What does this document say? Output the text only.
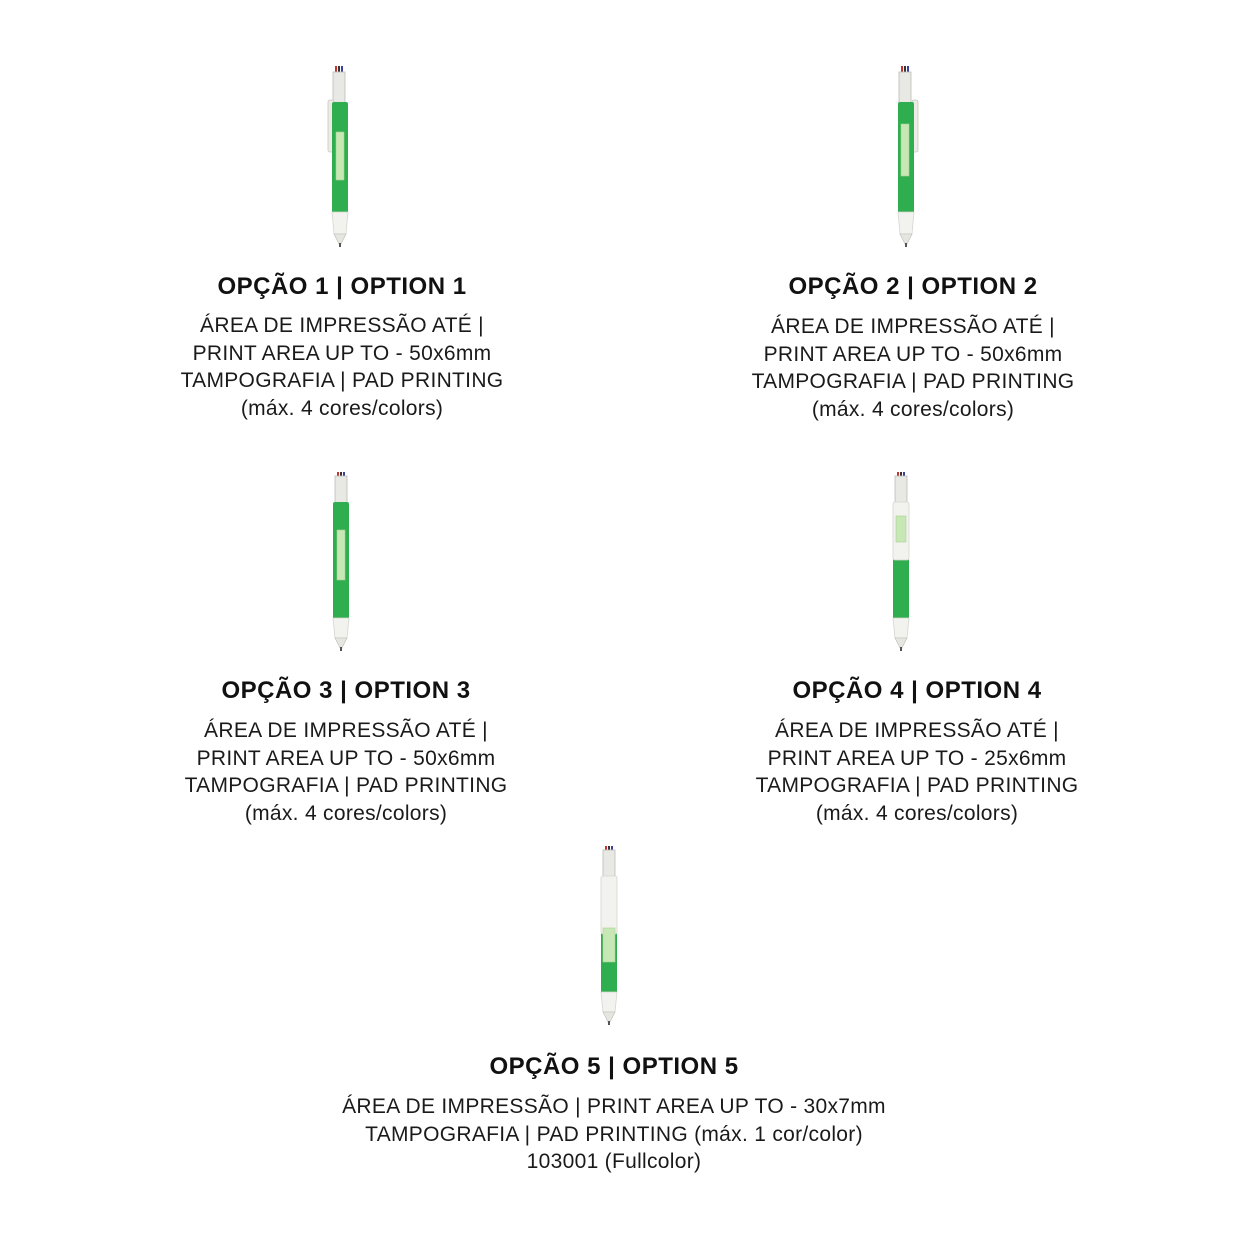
OPÇÃO 1 | OPTION 1
ÁREA DE IMPRESSÃO ATÉ |
PRINT AREA UP TO - 50x6mm
TAMPOGRAFIA | PAD PRINTING
(máx. 4 cores/colors)
OPÇÃO 2 | OPTION 2
ÁREA DE IMPRESSÃO ATÉ |
PRINT AREA UP TO - 50x6mm
TAMPOGRAFIA | PAD PRINTING
(máx. 4 cores/colors)
OPÇÃO 3 | OPTION 3
ÁREA DE IMPRESSÃO ATÉ |
PRINT AREA UP TO - 50x6mm
TAMPOGRAFIA | PAD PRINTING
(máx. 4 cores/colors)
OPÇÃO 4 | OPTION 4
ÁREA DE IMPRESSÃO ATÉ |
PRINT AREA UP TO - 25x6mm
TAMPOGRAFIA | PAD PRINTING
(máx. 4 cores/colors)
OPÇÃO 5 | OPTION 5
ÁREA DE IMPRESSÃO | PRINT AREA UP TO - 30x7mm
TAMPOGRAFIA | PAD PRINTING (máx. 1 cor/color)
103001 (Fullcolor)
